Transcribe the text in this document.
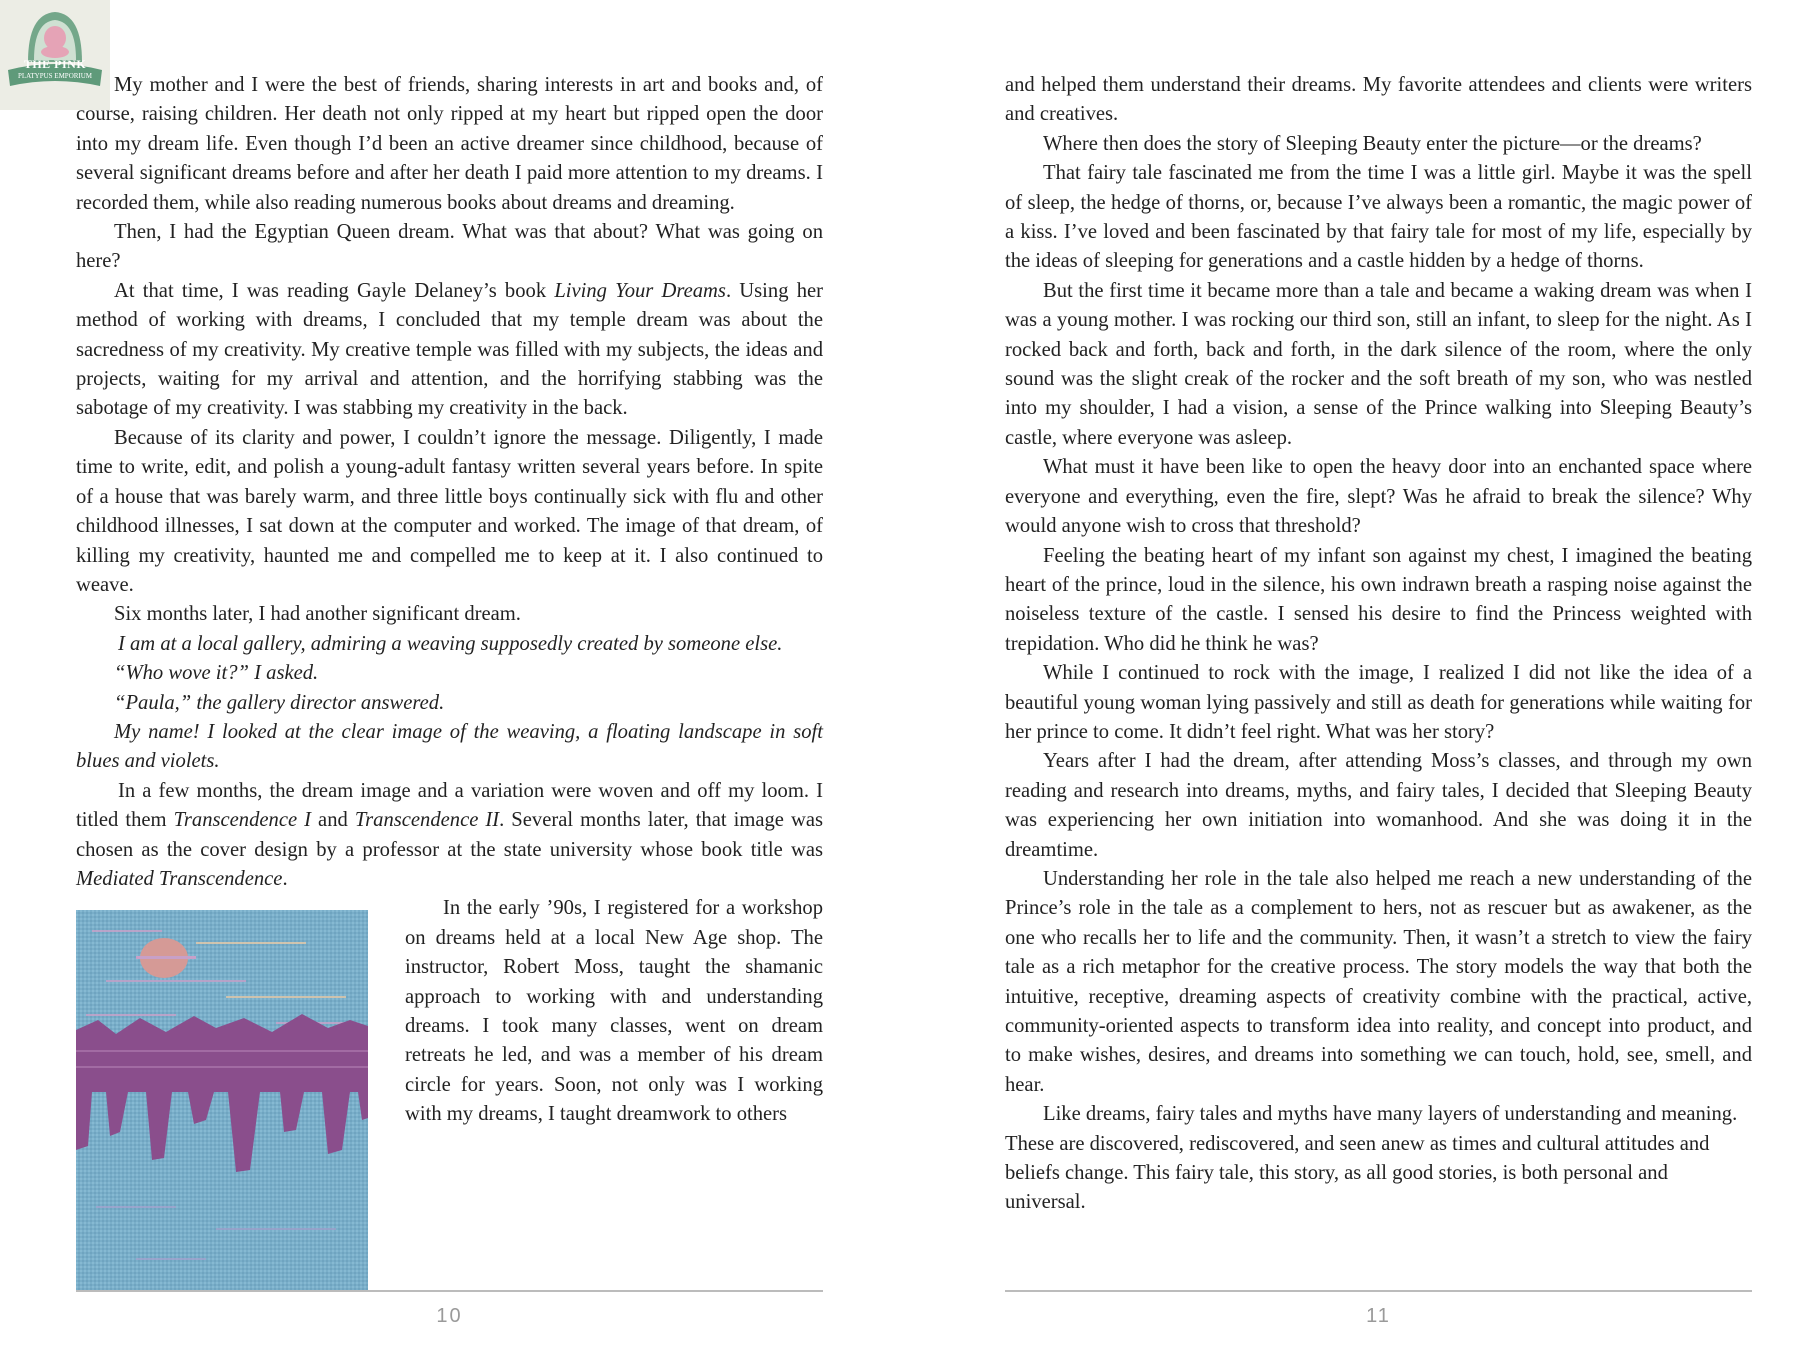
THE PINK
PLATYPUS EMPORIUM	My mother and I were the best of friends, sharing interests in art and books and, of course, raising children. Her death not only ripped at my heart but ripped open the door into my dream life. Even though I’d been an active dreamer since childhood, because of several significant dreams before and after her death I paid more attention to my dreams. I recorded them, while also reading numerous books about dreams and dreaming.

Then, I had the Egyptian Queen dream. What was that about? What was going on here?

At that time, I was reading Gayle Delaney’s book Living Your Dreams. Using her method of working with dreams, I concluded that my temple dream was about the sacredness of my creativity. My creative temple was filled with my subjects, the ideas and projects, waiting for my arrival and attention, and the horrifying stabbing was the sabotage of my creativity. I was stabbing my creativity in the back.

Because of its clarity and power, I couldn’t ignore the message. Diligently, I made time to write, edit, and polish a young-adult fantasy written several years before. In spite of a house that was barely warm, and three little boys continually sick with flu and other childhood illnesses, I sat down at the computer and worked. The image of that dream, of killing my creativity, haunted me and compelled me to keep at it. I also continued to weave.

Six months later, I had another significant dream.

I am at a local gallery, admiring a weaving supposedly created by someone else.

“Who wove it?” I asked.

“Paula,” the gallery director answered.

My name! I looked at the clear image of the weaving, a floating landscape in soft blues and violets.

In a few months, the dream image and a variation were woven and off my loom. I titled them Transcendence I and Transcendence II. Several months later, that image was chosen as the cover design by a professor at the state university whose book title was Mediated Transcendence.

In the early ’90s, I registered for a workshop on dreams held at a local New Age shop. The instructor, Robert Moss, taught the shamanic approach to working with and understanding dreams. I took many classes, went on dream retreats he led, and was a member of his dream circle for years. Soon, not only was I working with my dreams, I taught dreamwork to others

and helped them understand their dreams. My favorite attendees and clients were writers and creatives.

Where then does the story of Sleeping Beauty enter the picture—or the dreams?

That fairy tale fascinated me from the time I was a little girl. Maybe it was the spell of sleep, the hedge of thorns, or, because I’ve always been a romantic, the magic power of a kiss. I’ve loved and been fascinated by that fairy tale for most of my life, especially by the ideas of sleeping for generations and a castle hidden by a hedge of thorns.

But the first time it became more than a tale and became a waking dream was when I was a young mother. I was rocking our third son, still an infant, to sleep for the night. As I rocked back and forth, back and forth, in the dark silence of the room, where the only sound was the slight creak of the rocker and the soft breath of my son, who was nestled into my shoulder, I had a vision, a sense of the Prince walking into Sleeping Beauty’s castle, where everyone was asleep.

What must it have been like to open the heavy door into an enchanted space where everyone and everything, even the fire, slept? Was he afraid to break the silence? Why would anyone wish to cross that threshold?

Feeling the beating heart of my infant son against my chest, I imagined the beating heart of the prince, loud in the silence, his own indrawn breath a rasping noise against the noiseless texture of the castle. I sensed his desire to find the Princess weighted with trepidation. Who did he think he was?

While I continued to rock with the image, I realized I did not like the idea of a beautiful young woman lying passively and still as death for generations while waiting for her prince to come. It didn’t feel right. What was her story?

Years after I had the dream, after attending Moss’s classes, and through my own reading and research into dreams, myths, and fairy tales, I decided that Sleeping Beauty was experiencing her own initiation into womanhood. And she was doing it in the dreamtime.

Understanding her role in the tale also helped me reach a new understanding of the Prince’s role in the tale as a complement to hers, not as rescuer but as awakener, as the one who recalls her to life and the community. Then, it wasn’t a stretch to view the fairy tale as a rich metaphor for the creative process. The story models the way that both the intuitive, receptive, dreaming aspects of creativity combine with the practical, active, community-oriented aspects to transform idea into reality, and concept into product, and to make wishes, desires, and dreams into something we can touch, hold, see, smell, and hear.

Like dreams, fairy tales and myths have many layers of understanding and meaning. These are discovered, rediscovered, and seen anew as times and cultural attitudes and beliefs change. This fairy tale, this story, as all good stories, is both personal and universal.

10	11
